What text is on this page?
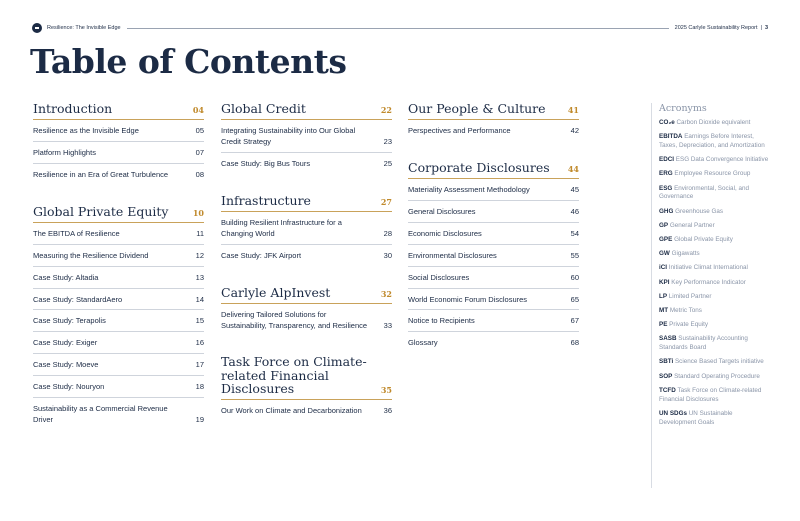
Resilience: The Invisible Edge	2025 Carlyle Sustainability Report | 3
Table of Contents
Introduction	04
Resilience as the Invisible Edge	05
Platform Highlights	07
Resilience in an Era of Great Turbulence	08
Global Private Equity	10
The EBITDA of Resilience	11
Measuring the Resilience Dividend	12
Case Study: Altadia	13
Case Study: StandardAero	14
Case Study: Terapolis	15
Case Study: Exiger	16
Case Study: Moeve	17
Case Study: Nouryon	18
Sustainability as a Commercial Revenue Driver	19
Global Credit	22
Integrating Sustainability into Our Global Credit Strategy	23
Case Study: Big Bus Tours	25
Infrastructure	27
Building Resilient Infrastructure for a Changing World	28
Case Study: JFK Airport	30
Carlyle AlpInvest	32
Delivering Tailored Solutions for Sustainability, Transparency, and Resilience	33
Task Force on Climate-related Financial Disclosures	35
Our Work on Climate and Decarbonization	36
Our People & Culture	41
Perspectives and Performance	42
Corporate Disclosures 44
Materiality Assessment Methodology	45
General Disclosures	46
Economic Disclosures	54
Environmental Disclosures	55
Social Disclosures	60
World Economic Forum Disclosures	65
Notice to Recipients	67
Glossary	68
Acronyms
CO₂e Carbon Dioxide equivalent
EBITDA Earnings Before Interest, Taxes, Depreciation, and Amortization
EDCI ESG Data Convergence Initiative
ERG Employee Resource Group
ESG Environmental, Social, and Governance
GHG Greenhouse Gas
GP General Partner
GPE Global Private Equity
GW Gigawatts
iCI Initiative Climat International
KPI Key Performance Indicator
LP Limited Partner
MT Metric Tons
PE Private Equity
SASB Sustainability Accounting Standards Board
SBTi Science Based Targets initiative
SOP Standard Operating Procedure
TCFD Task Force on Climate-related Financial Disclosures
UN SDGs UN Sustainable Development Goals
